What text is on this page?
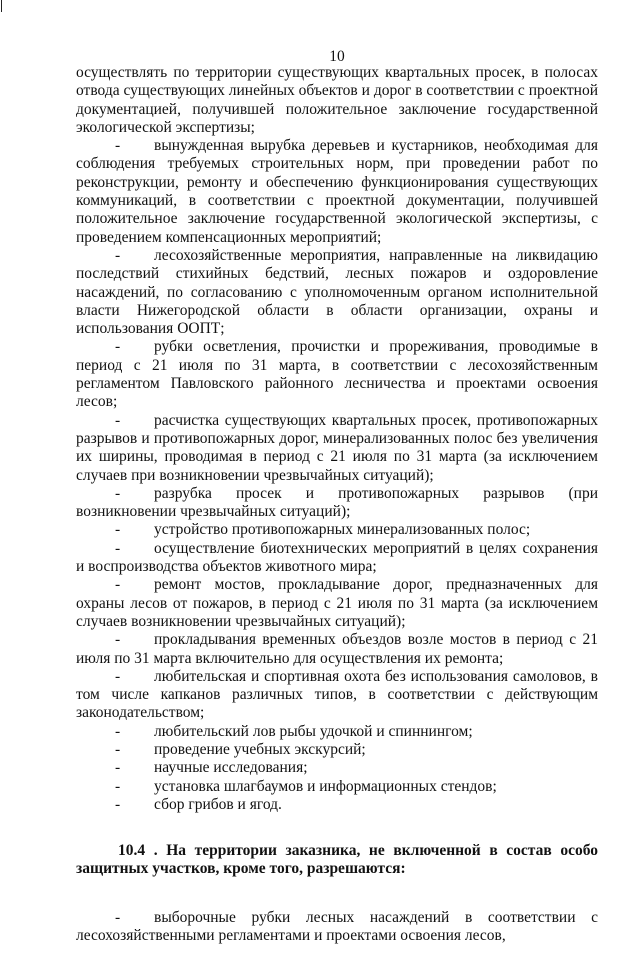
10

осуществлять по территории существующих квартальных просек, в полосах отвода существующих линейных объектов и дорог в соответствии с проектной документацией, получившей положительное заключение государственной экологической экспертизы;

- вынужденная вырубка деревьев и кустарников, необходимая для соблюдения требуемых строительных норм, при проведении работ по реконструкции, ремонту и обеспечению функционирования существующих коммуникаций, в соответствии с проектной документации, получившей положительное заключение государственной экологической экспертизы, с проведением компенсационных мероприятий;

- лесохозяйственные мероприятия, направленные на ликвидацию последствий стихийных бедствий, лесных пожаров и оздоровление насаждений, по согласованию с уполномоченным органом исполнительной власти Нижегородской области в области организации, охраны и использования ООПТ;

- рубки осветления, прочистки и прореживания, проводимые в период с 21 июля по 31 марта, в соответствии с лесохозяйственным регламентом Павловского районного лесничества и проектами освоения лесов;

- расчистка существующих квартальных просек, противопожарных разрывов и противопожарных дорог, минерализованных полос без увеличения их ширины, проводимая в период с 21 июля по 31 марта (за исключением случаев при возникновении чрезвычайных ситуаций);

- разрубка просек и противопожарных разрывов (при возникновении чрезвычайных ситуаций);

- устройство противопожарных минерализованных полос;

- осуществление биотехнических мероприятий в целях сохранения и воспроизводства объектов животного мира;

- ремонт мостов, прокладывание дорог, предназначенных для охраны лесов от пожаров, в период с 21 июля по 31 марта (за исключением случаев возникновении чрезвычайных ситуаций);

- прокладывания временных объездов возле мостов в период с 21 июля по 31 марта включительно для осуществления их ремонта;

- любительская и спортивная охота без использования самоловов, в том числе капканов различных типов, в соответствии с действующим законодательством;

- любительский лов рыбы удочкой и спиннингом;

- проведение учебных экскурсий;

- научные исследования;

- установка шлагбаумов и информационных стендов;

- сбор грибов и ягод.

10.4 . На территории заказника, не включенной в состав особо защитных участков, кроме того, разрешаются:

- выборочные рубки лесных насаждений в соответствии с лесохозяйственными регламентами и проектами освоения лесов,
